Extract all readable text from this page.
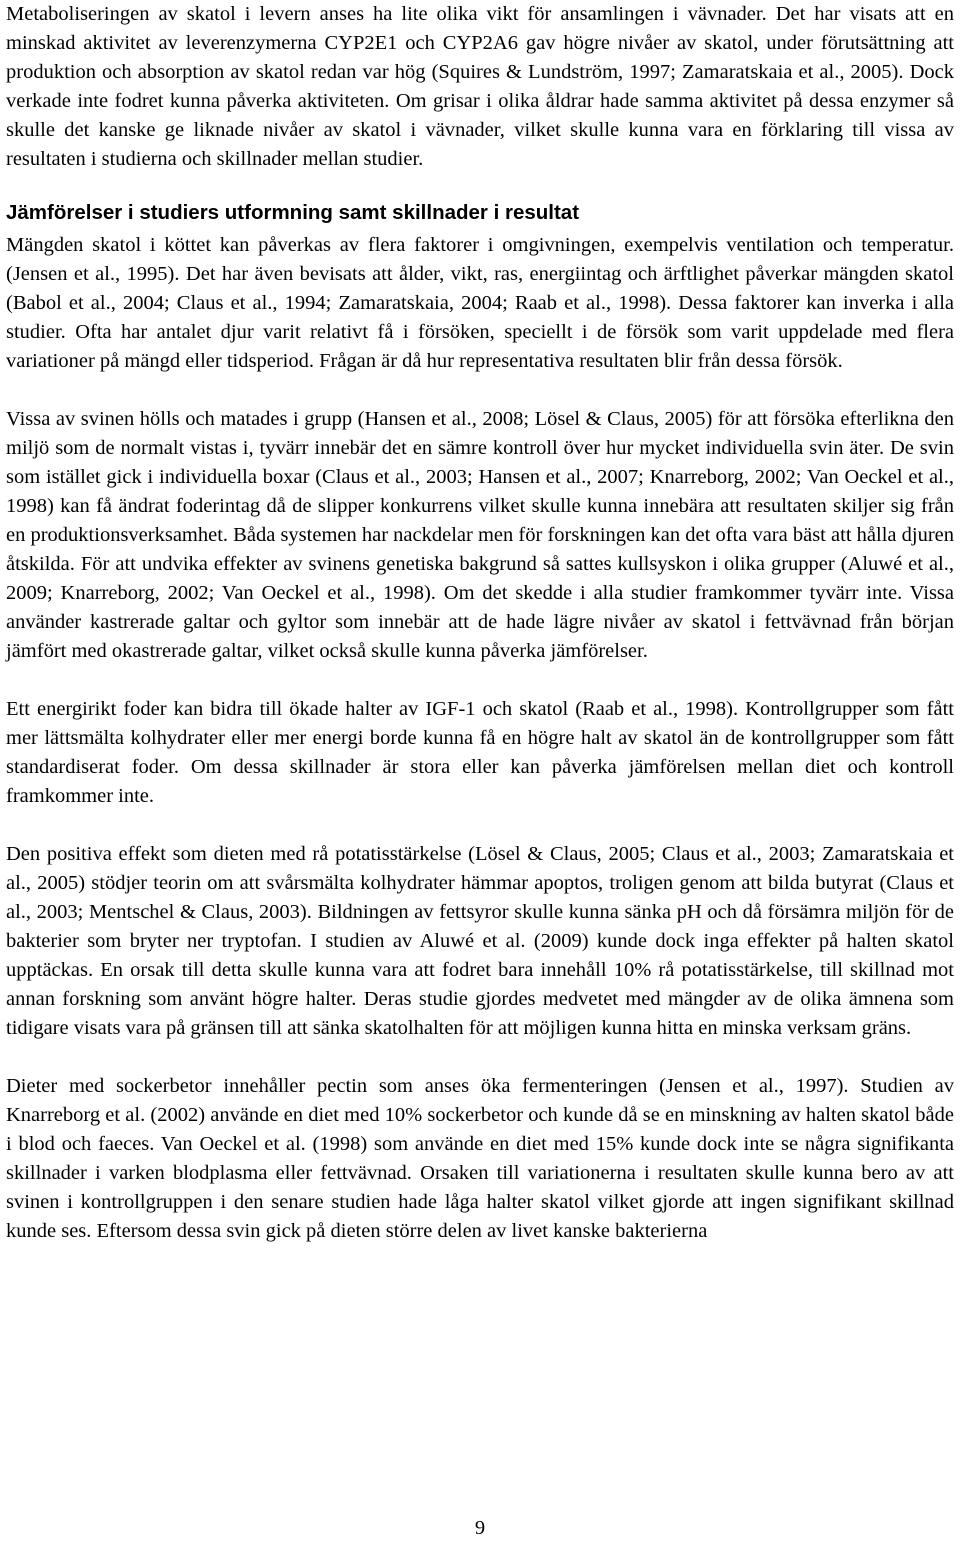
Metaboliseringen av skatol i levern anses ha lite olika vikt för ansamlingen i vävnader. Det har visats att en minskad aktivitet av leverenzymerna CYP2E1 och CYP2A6 gav högre nivåer av skatol, under förutsättning att produktion och absorption av skatol redan var hög (Squires & Lundström, 1997; Zamaratskaia et al., 2005). Dock verkade inte fodret kunna påverka aktiviteten. Om grisar i olika åldrar hade samma aktivitet på dessa enzymer så skulle det kanske ge liknade nivåer av skatol i vävnader, vilket skulle kunna vara en förklaring till vissa av resultaten i studierna och skillnader mellan studier.

Jämförelser i studiers utformning samt skillnader i resultat

Mängden skatol i köttet kan påverkas av flera faktorer i omgivningen, exempelvis ventilation och temperatur. (Jensen et al., 1995). Det har även bevisats att ålder, vikt, ras, energiintag och ärftlighet påverkar mängden skatol (Babol et al., 2004; Claus et al., 1994; Zamaratskaia, 2004; Raab et al., 1998). Dessa faktorer kan inverka i alla studier. Ofta har antalet djur varit relativt få i försöken, speciellt i de försök som varit uppdelade med flera variationer på mängd eller tidsperiod. Frågan är då hur representativa resultaten blir från dessa försök.

Vissa av svinen hölls och matades i grupp (Hansen et al., 2008; Lösel & Claus, 2005) för att försöka efterlikna den miljö som de normalt vistas i, tyvärr innebär det en sämre kontroll över hur mycket individuella svin äter. De svin som istället gick i individuella boxar (Claus et al., 2003; Hansen et al., 2007; Knarreborg, 2002; Van Oeckel et al., 1998) kan få ändrat foderintag då de slipper konkurrens vilket skulle kunna innebära att resultaten skiljer sig från en produktionsverksamhet. Båda systemen har nackdelar men för forskningen kan det ofta vara bäst att hålla djuren åtskilda. För att undvika effekter av svinens genetiska bakgrund så sattes kullsyskon i olika grupper (Aluwé et al., 2009; Knarreborg, 2002; Van Oeckel et al., 1998). Om det skedde i alla studier framkommer tyvärr inte. Vissa använder kastrerade galtar och gyltor som innebär att de hade lägre nivåer av skatol i fettvävnad från början jämfört med okastrerade galtar, vilket också skulle kunna påverka jämförelser.

Ett energirikt foder kan bidra till ökade halter av IGF-1 och skatol (Raab et al., 1998). Kontrollgrupper som fått mer lättsmälta kolhydrater eller mer energi borde kunna få en högre halt av skatol än de kontrollgrupper som fått standardiserat foder. Om dessa skillnader är stora eller kan påverka jämförelsen mellan diet och kontroll framkommer inte.

Den positiva effekt som dieten med rå potatisstärkelse (Lösel & Claus, 2005; Claus et al., 2003; Zamaratskaia et al., 2005) stödjer teorin om att svårsmälta kolhydrater hämmar apoptos, troligen genom att bilda butyrat (Claus et al., 2003; Mentschel & Claus, 2003). Bildningen av fettsyror skulle kunna sänka pH och då försämra miljön för de bakterier som bryter ner tryptofan. I studien av Aluwé et al. (2009) kunde dock inga effekter på halten skatol upptäckas. En orsak till detta skulle kunna vara att fodret bara innehåll 10% rå potatisstärkelse, till skillnad mot annan forskning som använt högre halter. Deras studie gjordes medvetet med mängder av de olika ämnena som tidigare visats vara på gränsen till att sänka skatolhalten för att möjligen kunna hitta en minska verksam gräns.

Dieter med sockerbetor innehåller pectin som anses öka fermenteringen (Jensen et al., 1997). Studien av Knarreborg et al. (2002) använde en diet med 10% sockerbetor och kunde då se en minskning av halten skatol både i blod och faeces. Van Oeckel et al. (1998) som använde en diet med 15% kunde dock inte se några signifikanta skillnader i varken blodplasma eller fettvävnad. Orsaken till variationerna i resultaten skulle kunna bero av att svinen i kontrollgruppen i den senare studien hade låga halter skatol vilket gjorde att ingen signifikant skillnad kunde ses. Eftersom dessa svin gick på dieten större delen av livet kanske bakterierna

9
